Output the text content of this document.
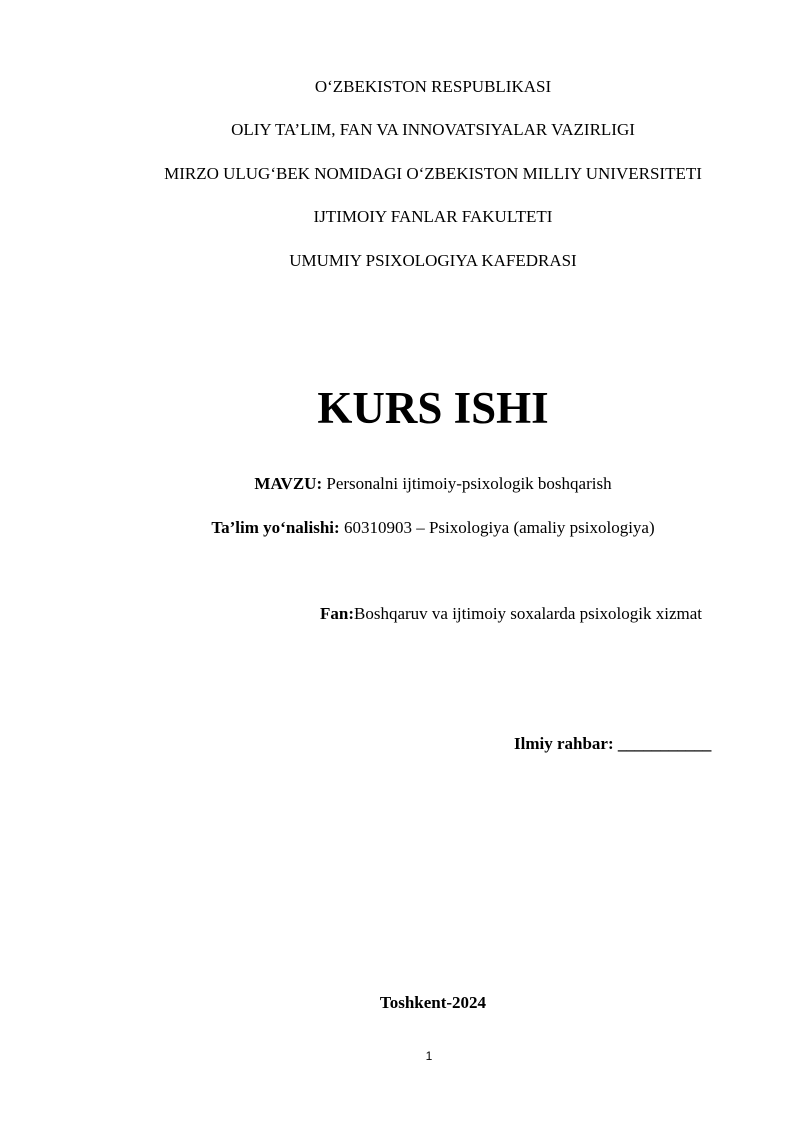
O‘ZBEKISTON RESPUBLIKASI
OLIY TA’LIM, FAN VA INNOVATSIYALAR VAZIRLIGI
MIRZO ULUG‘BEK NOMIDAGI O‘ZBEKISTON MILLIY UNIVERSITETI
IJTIMOIY FANLAR FAKULTETI
UMUMIY PSIXOLOGIYA KAFEDRASI
KURS ISHI
MAVZU: Personalni ijtimoiy-psixologik boshqarish
Ta’lim yo‘nalishi: 60310903 – Psixologiya (amaliy psixologiya)
Fan:Boshqaruv va ijtimoiy soxalarda psixologik xizmat
Ilmiy rahbar: ___________
Toshkent-2024
1
